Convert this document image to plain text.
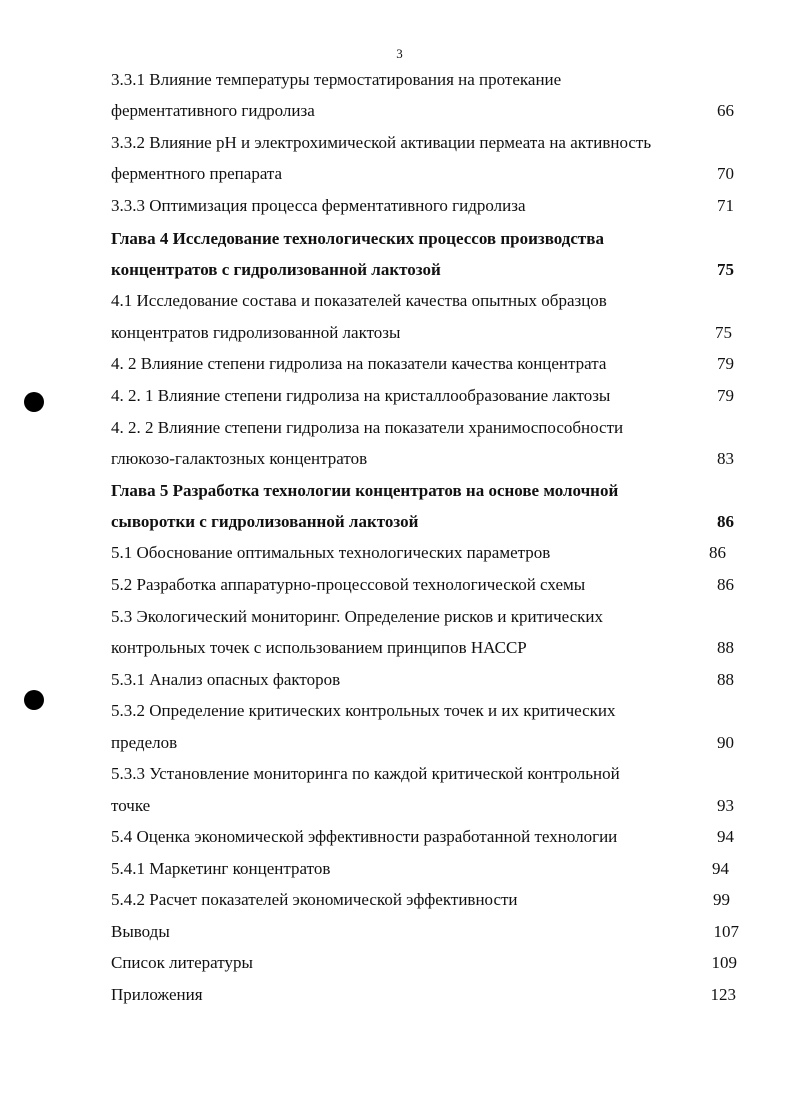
3
3.3.1 Влияние температуры термостатирования на протекание
ферментативного гидролиза	66
3.3.2 Влияние рН и электрохимической активации пермеата на активность
ферментного препарата	70
3.3.3 Оптимизация процесса ферментативного гидролиза	71
Глава 4 Исследование технологических процессов производства
концентратов с гидролизованной лактозой	75
4.1 Исследование состава и показателей качества опытных образцов
концентратов гидролизованной лактозы	75
4. 2 Влияние степени гидролиза на показатели качества концентрата	79
4. 2. 1 Влияние степени гидролиза на кристаллообразование лактозы	79
4. 2. 2 Влияние степени гидролиза на показатели хранимоспособности
глюкозо-галактозных концентратов	83
Глава 5 Разработка технологии концентратов на основе молочной
сыворотки с гидролизованной лактозой	86
5.1 Обоснование оптимальных технологических параметров	86
5.2 Разработка аппаратурно-процессовой технологической схемы	86
5.3 Экологический мониторинг. Определение рисков и критических
контрольных точек с использованием принципов НАССР	88
5.3.1 Анализ опасных факторов	88
5.3.2 Определение критических контрольных точек и их критических
пределов	90
5.3.3 Установление мониторинга по каждой критической контрольной
точке	93
5.4 Оценка экономической эффективности разработанной технологии	94
5.4.1 Маркетинг концентратов	94
5.4.2 Расчет показателей экономической эффективности	99
Выводы	107
Список литературы	109
Приложения	123
